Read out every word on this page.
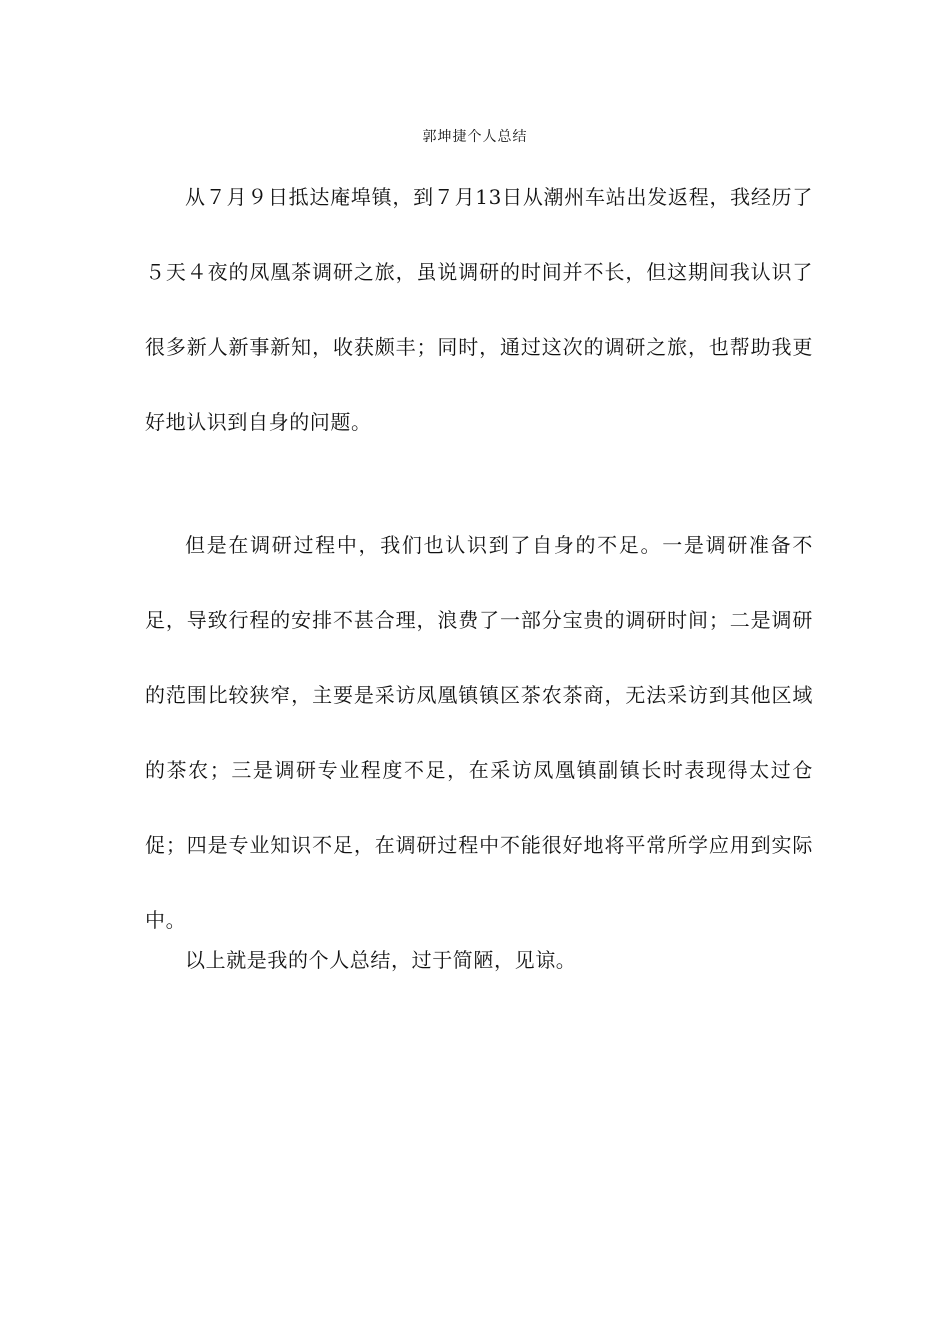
郭坤捷个人总结

从７月９日抵达庵埠镇，到７月13日从潮州车站出发返程，我经历了５天４夜的凤凰茶调研之旅，虽说调研的时间并不长，但这期间我认识了很多新人新事新知，收获颇丰；同时，通过这次的调研之旅，也帮助我更好地认识到自身的问题。

但是在调研过程中，我们也认识到了自身的不足。一是调研准备不足，导致行程的安排不甚合理，浪费了一部分宝贵的调研时间；二是调研的范围比较狭窄，主要是采访凤凰镇镇区茶农茶商，无法采访到其他区域的茶农；三是调研专业程度不足，在采访凤凰镇副镇长时表现得太过仓促；四是专业知识不足，在调研过程中不能很好地将平常所学应用到实际中。

以上就是我的个人总结，过于简陋，见谅。
